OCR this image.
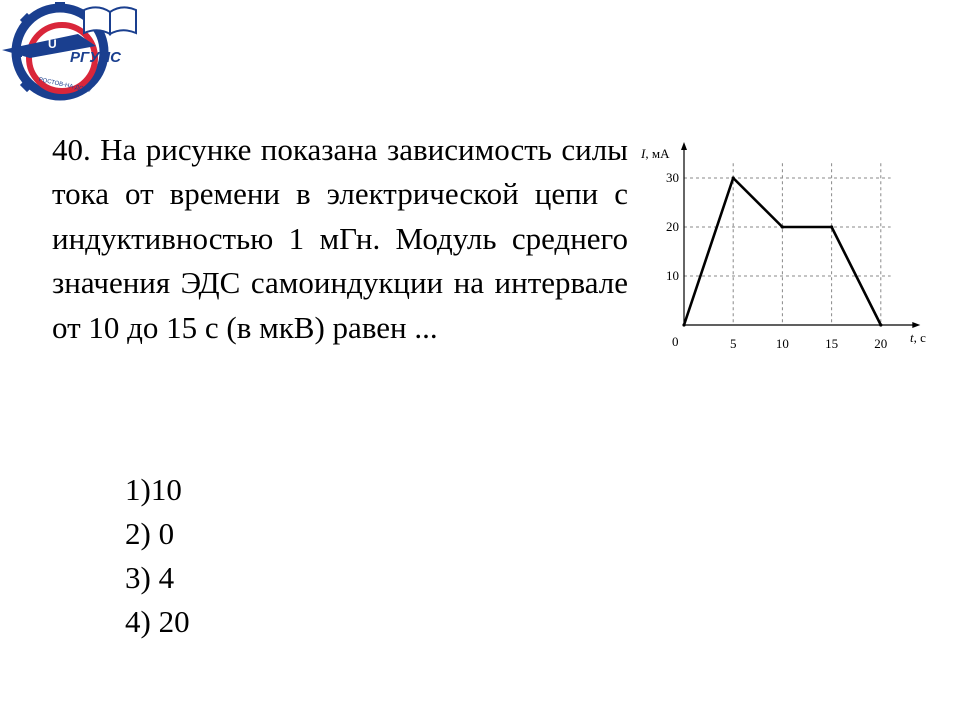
U
РГУПС
РОСТОВ-НА-ДОНУ

40. На рисунке показана зависимость силы тока от времени в электрической цепи с индуктивностью 1 мГн. Модуль среднего значения ЭДС самоиндукции на интервале от 10 до 15 с (в мкВ) равен ...

1)10
2) 0
3) 4
4) 20
5	10	15	20
10
20
30
I, мА
t, с
0
